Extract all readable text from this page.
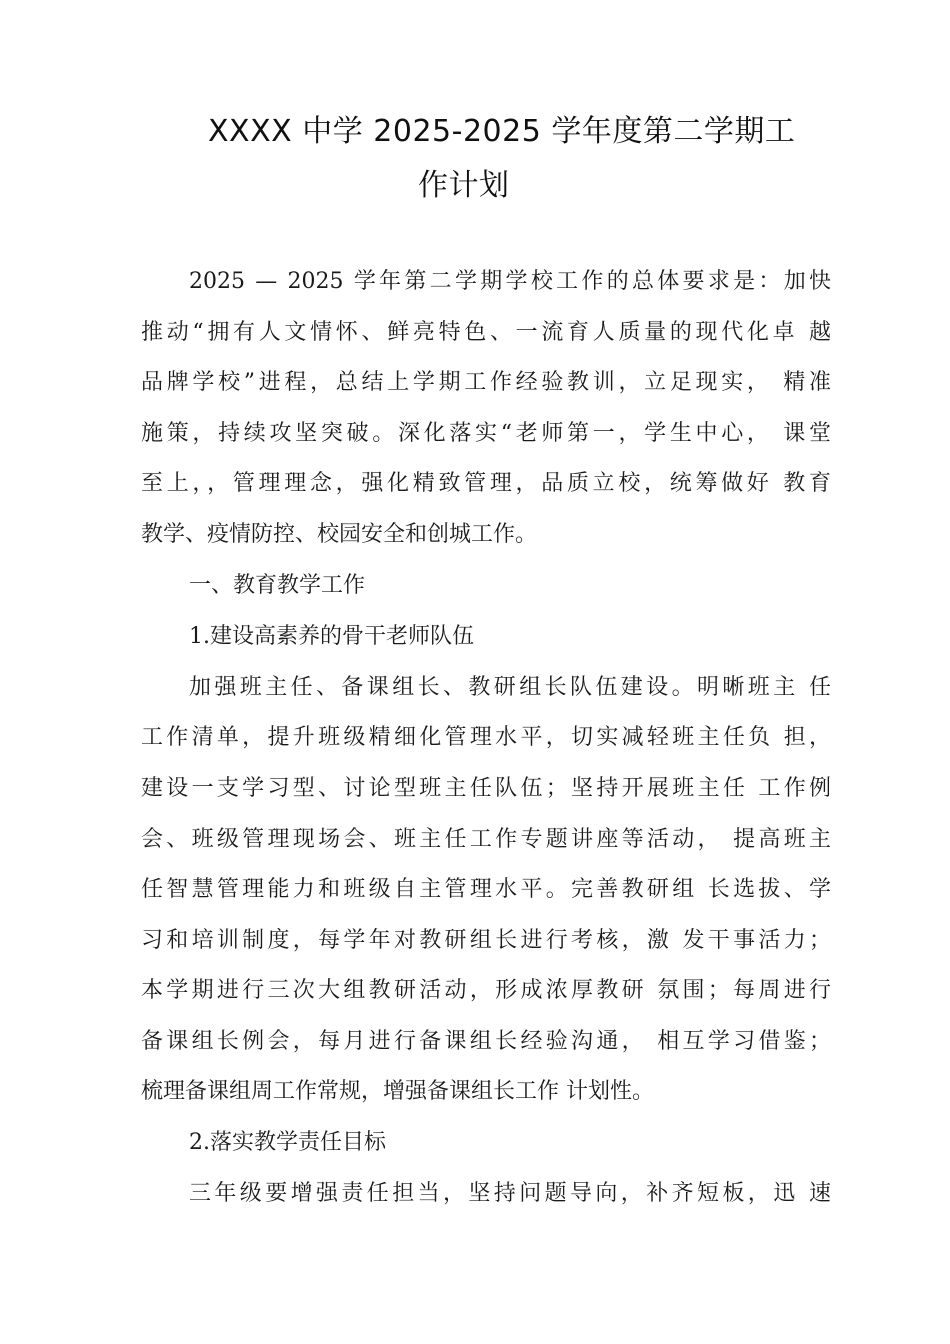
XXXX 中学 2025-2025 学年度第二学期工
作计划
2025 — 2025 学年第二学期学校工作的总体要求是：加快
推动“拥有人文情怀、鲜亮特色、一流育人质量的现代化卓 越
品牌学校”进程，总结上学期工作经验教训，立足现实， 精准
施策，持续攻坚突破。深化落实“老师第一，学生中心， 课堂
至上，，管理理念，强化精致管理，品质立校，统筹做好 教育
教学、疫情防控、校园安全和创城工作。
一、教育教学工作
1.建设高素养的骨干老师队伍
加强班主任、备课组长、教研组长队伍建设。明晰班主 任
工作清单，提升班级精细化管理水平，切实减轻班主任负 担，
建设一支学习型、讨论型班主任队伍；坚持开展班主任 工作例
会、班级管理现场会、班主任工作专题讲座等活动， 提高班主
任智慧管理能力和班级自主管理水平。完善教研组 长选拔、学
习和培训制度，每学年对教研组长进行考核，激 发干事活力；
本学期进行三次大组教研活动，形成浓厚教研 氛围；每周进行
备课组长例会，每月进行备课组长经验沟通， 相互学习借鉴；
梳理备课组周工作常规，增强备课组长工作 计划性。
2.落实教学责任目标
三年级要增强责任担当，坚持问题导向，补齐短板，迅 速
